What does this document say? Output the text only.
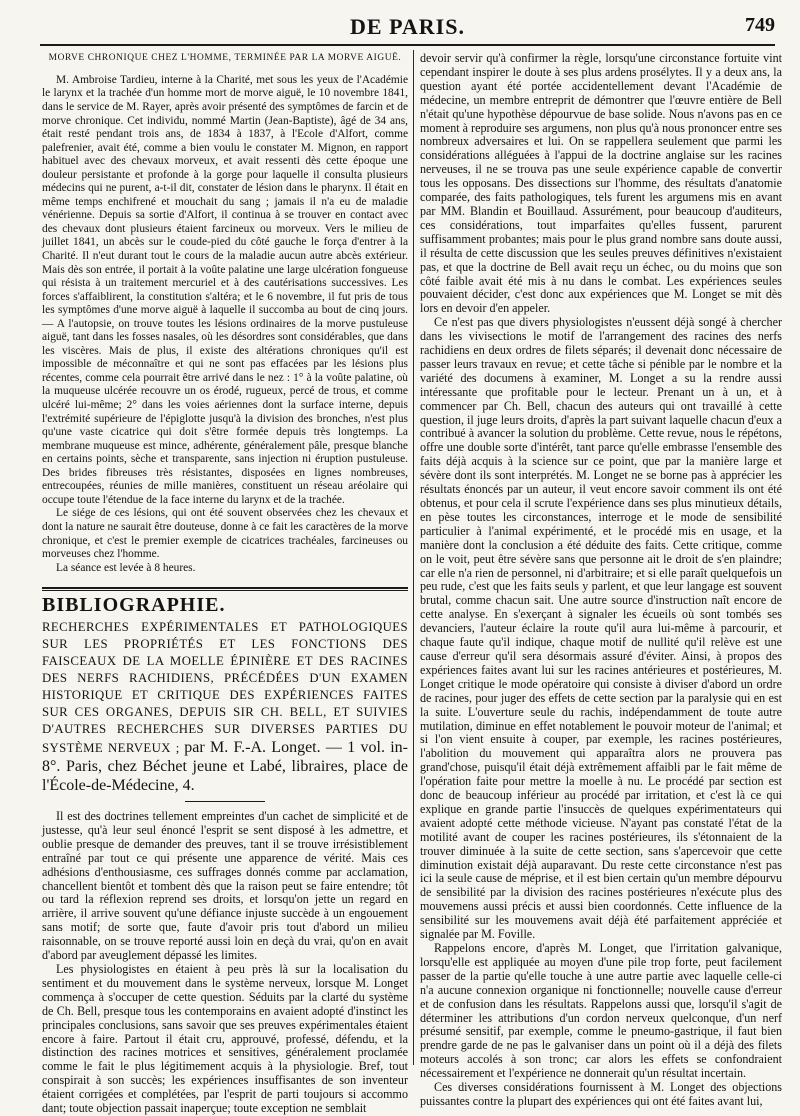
DE PARIS.	749

MORVE CHRONIQUE CHEZ L'HOMME, TERMINÉE PAR LA MORVE AIGUË.

M. Ambroise Tardieu, interne à la Charité, met sous les yeux de l'Académie le larynx et la trachée d'un homme mort de morve aiguë, le 10 novembre 1841, dans le service de M. Rayer, après avoir présenté des symptômes de farcin et de morve chronique. Cet individu, nommé Martin (Jean-Baptiste), âgé de 34 ans, était resté pendant trois ans, de 1834 à 1837, à l'Ecole d'Alfort, comme palefrenier, avait été, comme a bien voulu le constater M. Mignon, en rapport habituel avec des chevaux morveux, et avait ressenti dès cette époque une douleur persistante et profonde à la gorge pour laquelle il consulta plusieurs médecins qui ne purent, a-t-il dit, constater de lésion dans le pharynx. Il était en même temps enchifrené et mouchait du sang ; jamais il n'a eu de maladie vénérienne. Depuis sa sortie d'Alfort, il continua à se trouver en contact avec des chevaux dont plusieurs étaient farcineux ou morveux. Vers le milieu de juillet 1841, un abcès sur le coude-pied du côté gauche le força d'entrer à la Charité. Il n'eut durant tout le cours de la maladie aucun autre abcès extérieur. Mais dès son entrée, il portait à la voûte palatine une large ulcération fongueuse qui résista à un traitement mercuriel et à des cautérisations successives. Les forces s'affaiblirent, la constitution s'altéra; et le 6 novembre, il fut pris de tous les symptômes d'une morve aiguë à laquelle il succomba au bout de cinq jours. — A l'autopsie, on trouve toutes les lésions ordinaires de la morve pustuleuse aiguë, tant dans les fosses nasales, où les désordres sont considérables, que dans les viscères. Mais de plus, il existe des altérations chroniques qu'il est impossible de méconnaître et qui ne sont pas effacées par les lésions plus récentes, comme cela pourrait être arrivé dans le nez : 1° à la voûte palatine, où la muqueuse ulcérée recouvre un os érodé, rugueux, percé de trous, et comme ulcéré lui-même; 2° dans les voies aériennes dont la surface interne, depuis l'extrémité supérieure de l'épiglotte jusqu'à la division des bronches, n'est plus qu'une vaste cicatrice qui doit s'être formée depuis très longtemps. La membrane muqueuse est mince, adhérente, généralement pâle, presque blanche en certains points, sèche et transparente, sans injection ni éruption pustuleuse. Des brides fibreuses très résistantes, disposées en lignes nombreuses, entrecoupées, réunies de mille manières, constituent un réseau aréolaire qui occupe toute l'étendue de la face interne du larynx et de la trachée.

Le siége de ces lésions, qui ont été souvent observées chez les chevaux et dont la nature ne saurait être douteuse, donne à ce fait les caractères de la morve chronique, et c'est le premier exemple de cicatrices trachéales, farcineuses ou morveuses chez l'homme.

La séance est levée à 8 heures.

BIBLIOGRAPHIE.
RECHERCHES EXPÉRIMENTALES ET PATHOLOGIQUES SUR LES PROPRIÉTÉS ET LES FONCTIONS DES FAISCEAUX DE LA MOELLE ÉPINIÈRE ET DES RACINES DES NERFS RACHIDIENS, PRÉCÉDÉES D'UN EXAMEN HISTORIQUE ET CRITIQUE DES EXPÉRIENCES FAITES SUR CES ORGANES, DEPUIS SIR CH. BELL, ET SUIVIES D'AUTRES RECHERCHES SUR DIVERSES PARTIES DU SYSTÈME NERVEUX ; par M. F.-A. Longet. — 1 vol. in-8°. Paris, chez Béchet jeune et Labé, libraires, place de l'École-de-Médecine, 4.

Il est des doctrines tellement empreintes d'un cachet de simplicité et de justesse, qu'à leur seul énoncé l'esprit se sent disposé à les admettre, et oublie presque de demander des preuves, tant il se trouve irrésistiblement entraîné par tout ce qui présente une apparence de vérité. Mais ces adhésions d'enthousiasme, ces suffrages donnés comme par acclamation, chancellent bientôt et tombent dès que la raison peut se faire entendre; tôt ou tard la réflexion reprend ses droits, et lorsqu'on jette un regard en arrière, il arrive souvent qu'une défiance injuste succède à un engouement sans motif; de sorte que, faute d'avoir pris tout d'abord un milieu raisonnable, on se trouve reporté aussi loin en deçà du vrai, qu'on en avait d'abord par aveuglement dépassé les limites.

Les physiologistes en étaient à peu près là sur la localisation du sentiment et du mouvement dans le système nerveux, lorsque M. Longet commença à s'occuper de cette question. Séduits par la clarté du système de Ch. Bell, presque tous les contemporains en avaient adopté d'instinct les principales conclusions, sans savoir que ses preuves expérimentales étaient encore à faire. Partout il était cru, approuvé, professé, défendu, et la distinction des racines motrices et sensitives, généralement proclamée comme le fait le plus légitimement acquis à la physiologie. Bref, tout conspirait à son succès; les expériences insuffisantes de son inventeur étaient corrigées et complétées, par l'esprit de parti toujours si accommo dant; toute objection passait inaperçue; toute exception ne semblait

devoir servir qu'à confirmer la règle, lorsqu'une circonstance fortuite vint cependant inspirer le doute à ses plus ardens prosélytes. Il y a deux ans, la question ayant été portée accidentellement devant l'Académie de médecine, un membre entreprit de démontrer que l'œuvre entière de Bell n'était qu'une hypothèse dépourvue de base solide. Nous n'avons pas en ce moment à reproduire ses argumens, non plus qu'à nous prononcer entre ses nombreux adversaires et lui. On se rappellera seulement que parmi les considérations alléguées à l'appui de la doctrine anglaise sur les racines nerveuses, il ne se trouva pas une seule expérience capable de convertir tous les opposans. Des dissections sur l'homme, des résultats d'anatomie comparée, des faits pathologiques, tels furent les argumens mis en avant par MM. Blandin et Bouillaud. Assurément, pour beaucoup d'auditeurs, ces considérations, tout imparfaites qu'elles fussent, parurent suffisamment probantes; mais pour le plus grand nombre sans doute aussi, il résulta de cette discussion que les seules preuves définitives n'existaient pas, et que la doctrine de Bell avait reçu un échec, ou du moins que son côté faible avait été mis à nu dans le combat. Les expériences seules pouvaient décider, c'est donc aux expériences que M. Longet se mit dès lors en devoir d'en appeler.

Ce n'est pas que divers physiologistes n'eussent déjà songé à chercher dans les vivisections le motif de l'arrangement des racines des nerfs rachidiens en deux ordres de filets séparés; il devenait donc nécessaire de passer leurs travaux en revue; et cette tâche si pénible par le nombre et la variété des documens à examiner, M. Longet a su la rendre aussi intéressante que profitable pour le lecteur. Prenant un à un, et à commencer par Ch. Bell, chacun des auteurs qui ont travaillé à cette question, il juge leurs droits, d'après la part suivant laquelle chacun d'eux a contribué à avancer la solution du problème. Cette revue, nous le répétons, offre une double sorte d'intérêt, tant parce qu'elle embrasse l'ensemble des faits déjà acquis à la science sur ce point, que par la manière large et sévère dont ils sont interprétés. M. Longet ne se borne pas à apprécier les résultats énoncés par un auteur, il veut encore savoir comment ils ont été obtenus, et pour cela il scrute l'expérience dans ses plus minutieux détails, en pèse toutes les circonstances, interroge et le mode de sensibilité particulier à l'animal expérimenté, et le procédé mis en usage, et la manière dont la conclusion a été déduite des faits. Cette critique, comme on le voit, peut être sévère sans que personne ait le droit de s'en plaindre; car elle n'a rien de personnel, ni d'arbitraire; et si elle paraît quelquefois un peu rude, c'est que les faits seuls y parlent, et que leur langage est souvent brutal, comme chacun sait. Une autre source d'instruction naît encore de cette analyse. En s'exerçant à signaler les écueils où sont tombés ses devanciers, l'auteur éclaire la route qu'il aura lui-même à parcourir, et chaque faute qu'il indique, chaque motif de nullité qu'il relève est une cause d'erreur qu'il sera désormais assuré d'éviter. Ainsi, à propos des expériences faites avant lui sur les racines antérieures et postérieures, M. Longet critique le mode opératoire qui consiste à diviser d'abord un ordre de racines, pour juger des effets de cette section par la paralysie qui en est la suite. L'ouverture seule du rachis, indépendamment de toute autre mutilation, diminue en effet notablement le pouvoir moteur de l'animal; et si l'on vient ensuite à couper, par exemple, les racines postérieures, l'abolition du mouvement qui apparaîtra alors ne prouvera pas grand'chose, puisqu'il était déjà extrêmement affaibli par le fait même de l'opération faite pour mettre la moelle à nu. Le procédé par section est donc de beaucoup inférieur au procédé par irritation, et c'est là ce qui explique en grande partie l'insuccès de quelques expérimentateurs qui avaient adopté cette méthode vicieuse. N'ayant pas constaté l'état de la motilité avant de couper les racines postérieures, ils s'étonnaient de la trouver diminuée à la suite de cette section, sans s'apercevoir que cette diminution existait déjà auparavant. Du reste cette circonstance n'est pas ici la seule cause de méprise, et il est bien certain qu'un membre dépourvu de sensibilité par la division des racines postérieures n'exécute plus des mouvemens aussi précis et aussi bien coordonnés. Cette influence de la sensibilité sur les mouvemens avait déjà été parfaitement appréciée et signalée par M. Foville.

Rappelons encore, d'après M. Longet, que l'irritation galvanique, lorsqu'elle est appliquée au moyen d'une pile trop forte, peut facilement passer de la partie qu'elle touche à une autre partie avec laquelle celle-ci n'a aucune connexion organique ni fonctionnelle; nouvelle cause d'erreur et de confusion dans les résultats. Rappelons aussi que, lorsqu'il s'agit de déterminer les attributions d'un cordon nerveux quelconque, d'un nerf présumé sensitif, par exemple, comme le pneumo-gastrique, il faut bien prendre garde de ne pas le galvaniser dans un point où il a déjà des filets moteurs accolés à son tronc; car alors les effets se confondraient nécessairement et l'expérience ne donnerait qu'un résultat incertain.

Ces diverses considérations fournissent à M. Longet des objections puissantes contre la plupart des expériences qui ont été faites avant lui,
